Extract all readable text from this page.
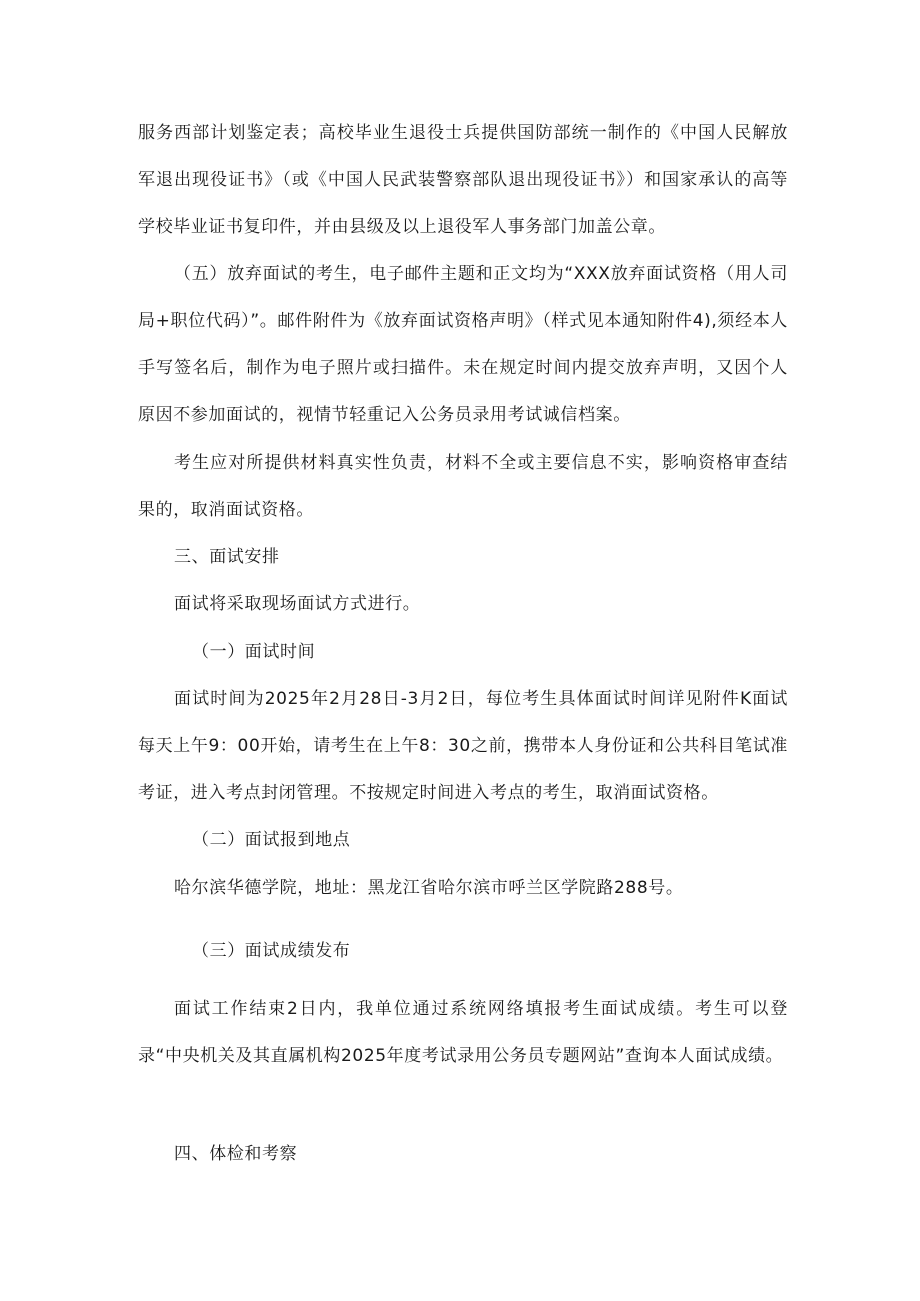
服务西部计划鉴定表；高校毕业生退役士兵提供国防部统一制作的《中国人民解放军退出现役证书》（或《中国人民武装警察部队退出现役证书》）和国家承认的高等学校毕业证书复印件，并由县级及以上退役军人事务部门加盖公章。

（五）放弃面试的考生，电子邮件主题和正文均为“XXX放弃面试资格（用人司局+职位代码）”。邮件附件为《放弃面试资格声明》（样式见本通知附件4),须经本人手写签名后，制作为电子照片或扫描件。未在规定时间内提交放弃声明，又因个人原因不参加面试的，视情节轻重记入公务员录用考试诚信档案。

考生应对所提供材料真实性负责，材料不全或主要信息不实，影响资格审查结果的，取消面试资格。

三、面试安排

面试将采取现场面试方式进行。

（一）面试时间

面试时间为2025年2月28日-3月2日，每位考生具体面试时间详见附件K面试每天上午9：00开始，请考生在上午8：30之前，携带本人身份证和公共科目笔试准考证，进入考点封闭管理。不按规定时间进入考点的考生，取消面试资格。

（二）面试报到地点

哈尔滨华德学院，地址：黑龙江省哈尔滨市呼兰区学院路288号。

（三）面试成绩发布

面试工作结束2日内，我单位通过系统网络填报考生面试成绩。考生可以登录“中央机关及其直属机构2025年度考试录用公务员专题网站”查询本人面试成绩。

四、体检和考察
